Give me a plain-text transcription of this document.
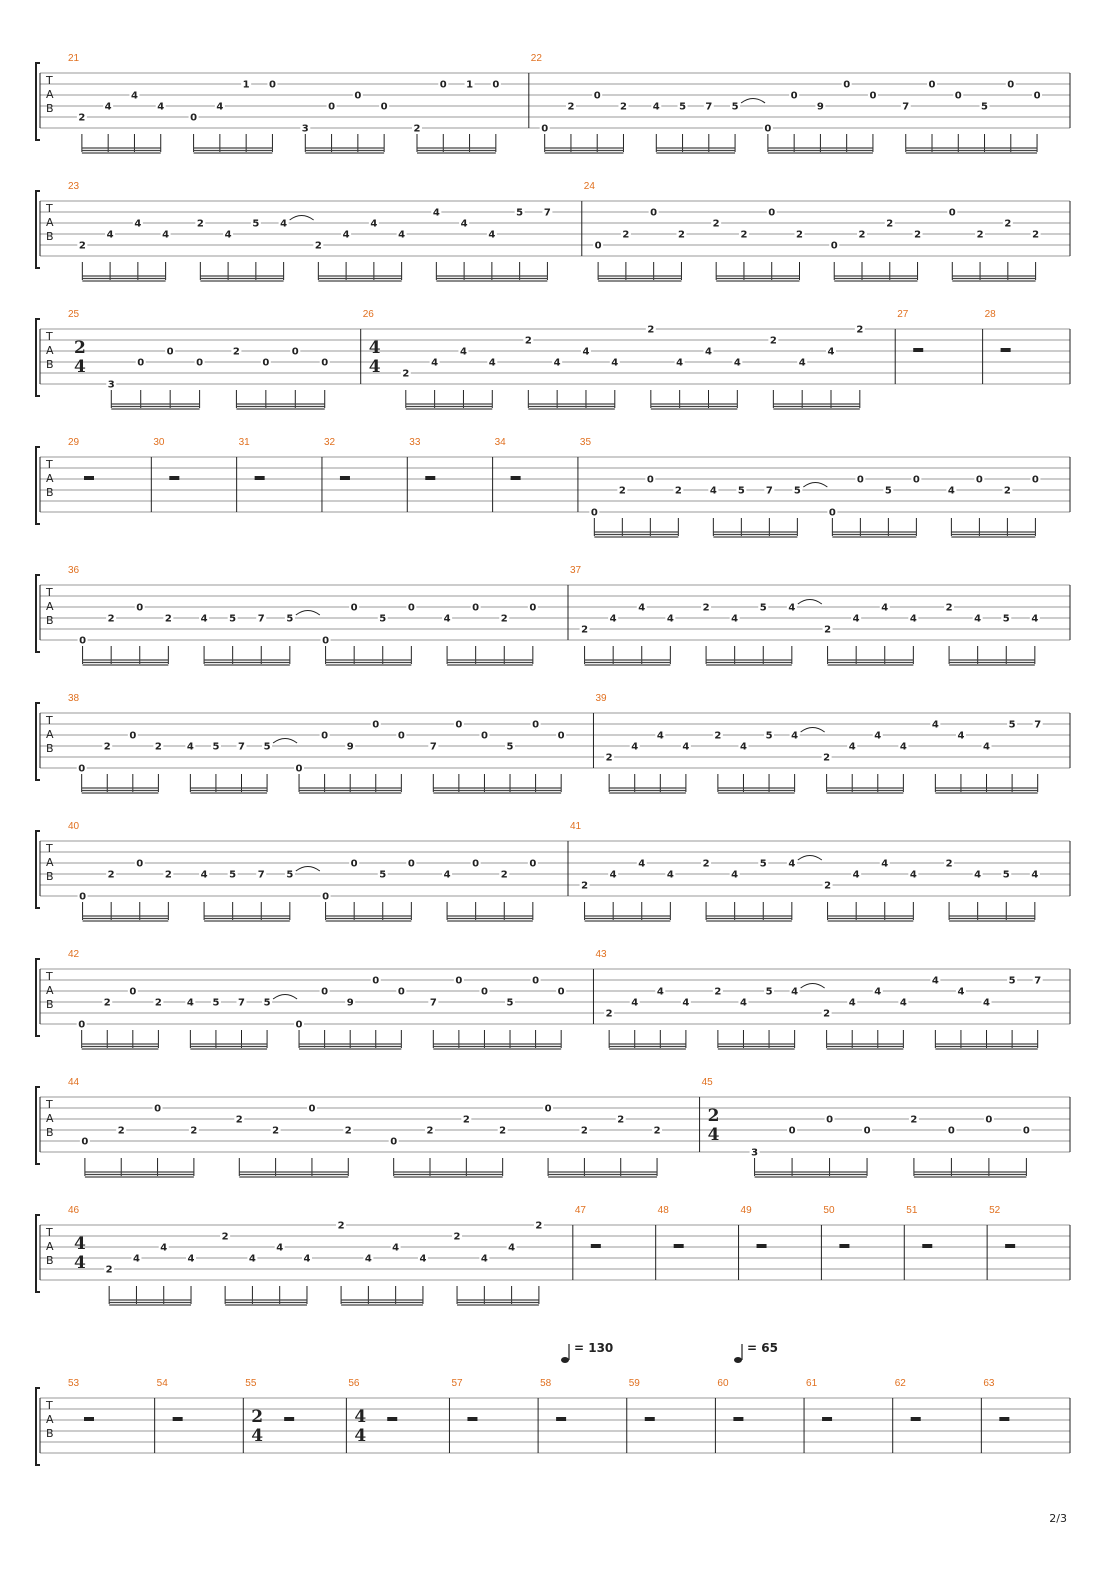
T
A
B
21
2
4
4
4
0
4
1 0
3
0
0
0
2
0 1 0
22
0
2
0
2	4 5 7 5
0
0
9
0
0
7
0
0
5
0
0
T
A
B
23
2
4
4
4
2
4
5 4
2
4
4
4
4
4
4
5 7
24
0
2
0
2
2
2
0
2
0
2
2
2
0
2
2
2
T
A
B
25
2
4
3
0
0
0
2
0
0
0
26
4
4 2
4
4
4
2
4
4
4
2
4
4
4
2
4
4
2
27	28
T
A
B
29	30	31	32	33	34	35
0
2
0
2	4 5 7 5
0
0
5
0
4
0
2
0
T
A
B
36
0
2
0
2	4 5 7 5
0
0
5
0
4
0
2
0
37
2
4
4
4
2
4
5 4
2
4
4
4
2
4 5 4
T
A
B
38
0
2
0
2 4 5 7 5
0
0
9
0
0
7
0
0
5
0
0
39
2
4
4
4
2
4
5 4
2
4
4
4
4
4
4
5 7
T
A
B
40
0
2
0
2	4 5 7 5
0
0
5
0
4
0
2
0
41
2
4
4
4
2
4
5 4
2
4
4
4
2
4 5 4
T
A
B
42
0
2
0
2 4 5 7 5
0
0
9
0
0
7
0
0
5
0
0
43
2
4
4
4
2
4
5 4
2
4
4
4
4
4
4
5 7
T
A
B
44
0
2
0
2
2
2
0
2
0
2
2
2
0
2
2
2
45
2
4
3
0
0
0
2
0
0
0
T
A
B
46
4
4 2
4
4
4
2
4
4
4
2
4
4
4
2
4
4
2
47	48	49	50	51	52
T
A
B
53	54	55
2
4
56
4
4
57	58	59	60	61	62	63
= 130	= 65
2/3
